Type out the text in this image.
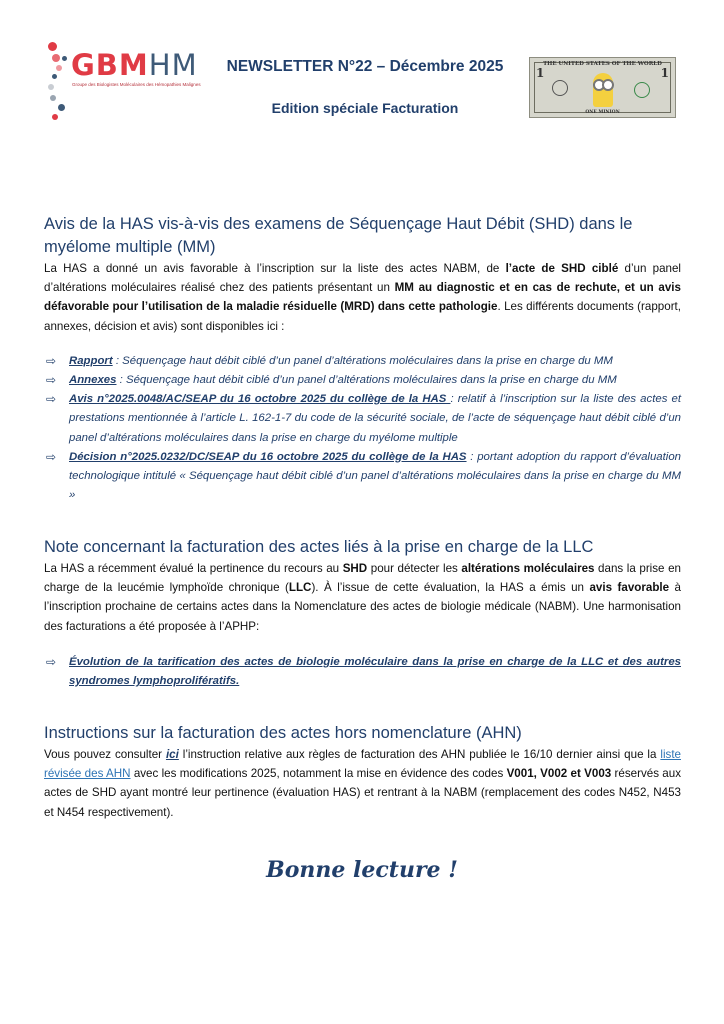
GBMHM
Groupe des Biologistes Moléculaires des Hémopathies Malignes
NEWSLETTER N°22 – Décembre 2025
Edition spéciale Facturation
THE UNITED STATES OF THE WORLD
1	1
ONE MINION
Avis de la HAS vis-à-vis des examens de Séquençage Haut Débit (SHD) dans le myélome multiple (MM)

La HAS a donné un avis favorable à l’inscription sur la liste des actes NABM, de l’acte de SHD ciblé d’un panel d’altérations moléculaires réalisé chez des patients présentant un MM au diagnostic et en cas de rechute, et un avis défavorable pour l’utilisation de la maladie résiduelle (MRD) dans cette pathologie. Les différents documents (rapport, annexes, décision et avis) sont disponibles ici :

⇨ Rapport : Séquençage haut débit ciblé d’un panel d’altérations moléculaires dans la prise en charge du MM
⇨ Annexes : Séquençage haut débit ciblé d’un panel d’altérations moléculaires dans la prise en charge du MM
⇨ Avis n°2025.0048/AC/SEAP du 16 octobre 2025 du collège de la HAS : relatif à l’inscription sur la liste des actes et prestations mentionnée à l’article L. 162-1-7 du code de la sécurité sociale, de l’acte de séquençage haut débit ciblé d’un panel d’altérations moléculaires dans la prise en charge du myélome multiple
⇨ Décision n°2025.0232/DC/SEAP du 16 octobre 2025 du collège de la HAS : portant adoption du rapport d’évaluation technologique intitulé « Séquençage haut débit ciblé d’un panel d’altérations moléculaires dans la prise en charge du MM »
Note concernant la facturation des actes liés à la prise en charge de la LLC

La HAS a récemment évalué la pertinence du recours au SHD pour détecter les altérations moléculaires dans la prise en charge de la leucémie lymphoïde chronique (LLC). À l’issue de cette évaluation, la HAS a émis un avis favorable à l’inscription prochaine de certains actes dans la Nomenclature des actes de biologie médicale (NABM). Une harmonisation des facturations a été proposée à l’APHP:

⇨ Évolution de la tarification des actes de biologie moléculaire dans la prise en charge de la LLC et des autres syndromes lymphoprolifératifs.
Instructions sur la facturation des actes hors nomenclature (AHN)

Vous pouvez consulter ici l’instruction relative aux règles de facturation des AHN publiée le 16/10 dernier ainsi que la liste révisée des AHN avec les modifications 2025, notamment la mise en évidence des codes V001, V002 et V003 réservés aux actes de SHD ayant montré leur pertinence (évaluation HAS) et rentrant à la NABM (remplacement des codes N452, N453 et N454 respectivement).

Bonne lecture !
